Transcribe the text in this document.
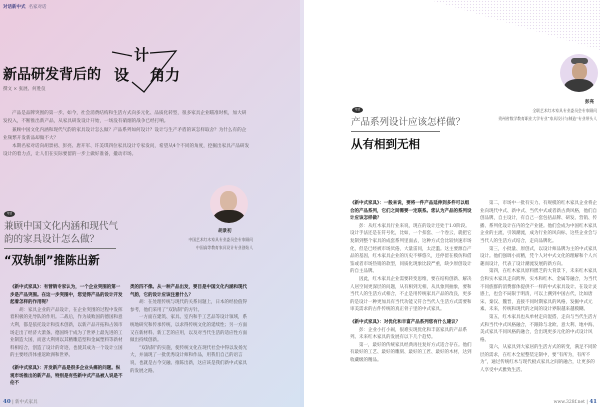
对话新中式 名家对话
新品研发背后的
计
设 角力
撰文 × 张展、何胜仪

产品是品牌突围的第一步。如今，社会消费结构和生活方式向多元化、品质化转型，很多家具企业瞄准时机，加大研发投入，不断推出新产品，从家具研发设计开始，一场没有硝烟的战争已经打响。

兼顾中国文化内涵和现代气韵的家具设计怎么做？产品系列如何设计？设计与生产矛盾的该怎样取舍？为什么有的企业频繁开发新品却做不大？

本期名家对话向胡景初、彭亮、唐开军、许美琪四位家具设计专家发问，希望从4个不同的角度，挖掘出家具产品研发设计的着力点，让人们在实际要留的一步上做好准备，撬动市场。

胡景初
中国艺术红木家具专业委员会专家顾问
中国高等教育家具设计专业创始人
对话
兼顾中国文化内涵和现代气韵的家具设计怎么做？
“双轨制”推陈出新

《新中式家具》：有营销专家认为，一个企业突围的第一步是产品突围。在这一步突围中，您觉得产品的设计开发起着怎样的作用呢？

胡：家具企业的产品设计，在企业突围的过程中发挥着积极的先导队的作用。二战后，作为战败国的德国和意大利，都是依托设计和技术创新，以新产品开拓和占领市场走出了经济大萧条。德国终于成为了世界上最先进的工业制造大国，而意大利则以其精雕造型和金属塑料等新材料相结合，创造了设计的奇迹，也使其成为一个设计立国的主要经济体重返欧洲和世界。

《新中式家具》：开发新产品是很多企业头痛的问题。纵观市场推出的新产品，特别是有些新中式产品被人说是不伦不

类的四不像。从一种产品出发，要目是中国文化内涵和现代气韵，它的设计应该注意什么？

胡：在处理传统与现代的关系问题上，日本的经验值得参考，他们采用了“双轨制”的方针。

一方面在建筑、家具、室内和手工艺品等设计领域，系统地研究和传承传统，以求得传统文化的延续性；另一方面又在新材料、新工艺的应用，以及对当代生活的适应性方面做出持续创新。

“双轨制”的实施，使传统文化在现代社会中得以发扬光大，并涌现了一批优秀设计师和作品，用我们自己的语言说，也就是古今交融、推陈出新，这应该是我们新中式家具的发展之路。

40 | 新中式家具
彭亮
全联艺术红木家具专业委员会专家顾问
贵州省数学教育职业大学专业“家具设计与制造”专业带头人
对话
产品系列设计应该怎样做？
从有相到无相

《新中式家具》：一般来说，要将一件产品延伸到多件可以组合的产品系列，它们之间需要一定联系。您认为产品的系列设计应该怎样做？

彭：从红木家具行业来说，现在的设计还处于1.0阶段。设计手法还是在符号化，比如，一个扣套、一个卷云，就把它复制到整个家具的成套系列里面去，这种方式会比较快速市场化，但是已经被市场厌倦，大量雷同，太泛滥。这主要源自产品的基因，红木家具企业的历史不够悠久，还停留在模仿和借鉴或者市场热销的款型，同质化现象比较严重，缺少原创设计的自主品牌。

因此，红木家具企业需要转变思维，要在结构创新、解决人居空间更深层的问题，从有相到无相，从具象到抽象，要和当代人的生活方式相合，不止是用传统家具产品的改良，更多的是设计一种更加具有当代功能又符合当代人生活方式需要和审美需求的古件传统的真正骨子里的中式家具。

《新中式家具》：对优化和丰富产品系列您有什么建议？

彭：企业小打小闹，很难实现优化和丰富家具的产品系列。未来红木家具的发展有以下几个趋势。

第一，最好的传统家具经典再往复好方式适合存在。他们有最好的工艺、最好的雕刻、最好的工匠、最好的木材，达到收藏级的精品。

第二，市场中一批有实力、有规模的红木家具企业将企业向现代中式、新中式、当代中式或者新古典风格，他们自创品牌，自主设计，有自己一套包括品牌、研发、营销、传播、系列化设计在内的全产业链。他们会成为中国红木家具企业的主流，引领潮流，成为行业的风向标，这些企业会与当代人的生活方式结合，走向品牌化。

第三，小批量、原创式，以设计师品牌为主的中式家具设计。他们强调小而精，凭个人对中式文化的理解和个人兴趣而设计，代表了设计潮流发展的新方向。

第四，在红木家具原料匮乏的大背景下，未来红木家具会和实木家具走向跨界，实木和红木、金属等融合，为当代不同族群的消费群体提供不一样的中式家具设计。在设计灵感上，也会不局限于明清，可以上溯到中国古代，比如唐宋、秦汉、魏晋，直接不同时期家具的风格，发掘中式元素。未来，传统和现代的之间的设计界限越来越模糊。

第五，红木家具也从单材走向混搭，走向与当代生活方式和当代中式风格融合，不跟除与北欧、意大利、地中海、美式家具不同风格的融合，会出现更多元化的中式设计风格。

第六，从家具到大家居的生活方式的转变，满足不同阶层的需求，在红木全屋整装定制中，要“有所为，有所不为”，通过传统红木与现代板式家具之间的融合，让更多的人享受中式雅致生活。

www.328f.net | 41
